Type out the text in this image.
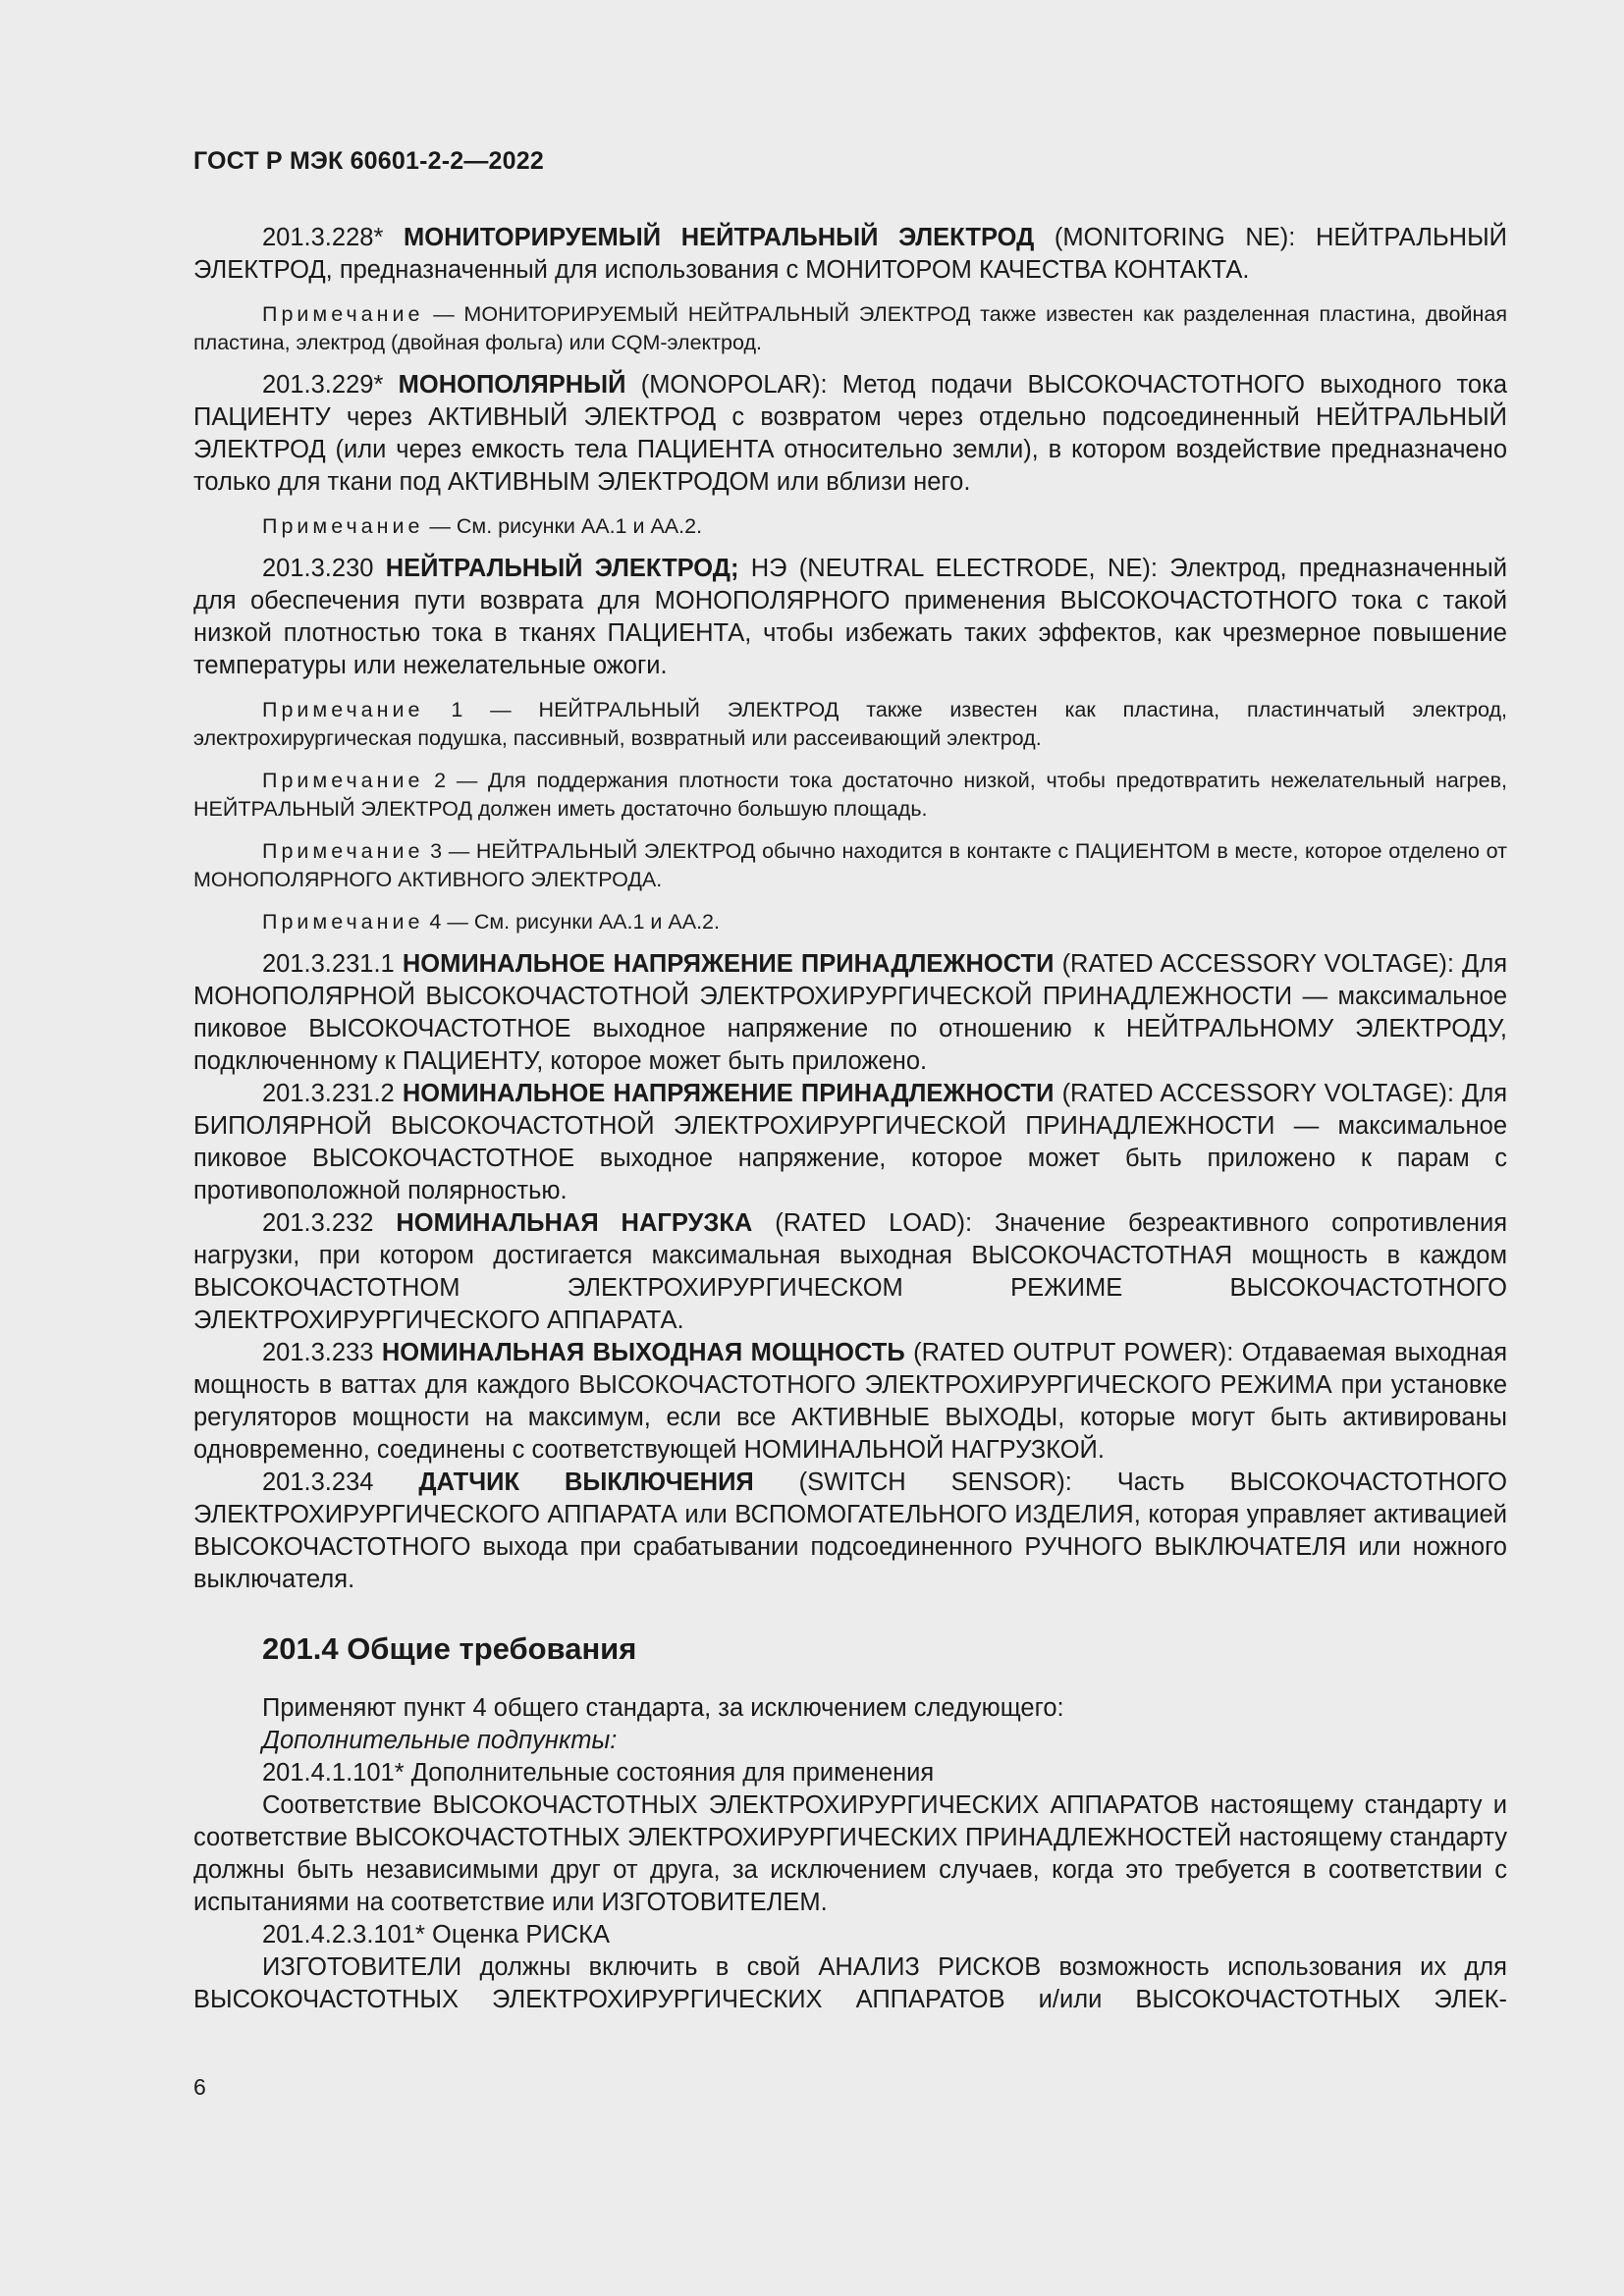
ГОСТ Р МЭК 60601-2-2—2022

201.3.228* МОНИТОРИРУЕМЫЙ НЕЙТРАЛЬНЫЙ ЭЛЕКТРОД (MONITORING NE): НЕЙТРАЛЬНЫЙ ЭЛЕКТРОД, предназначенный для использования с МОНИТОРОМ КАЧЕСТВА КОНТАКТА.

Примечание — МОНИТОРИРУЕМЫЙ НЕЙТРАЛЬНЫЙ ЭЛЕКТРОД также известен как разделенная пластина, двойная пластина, электрод (двойная фольга) или CQM-электрод.

201.3.229* МОНОПОЛЯРНЫЙ (MONOPOLAR): Метод подачи ВЫСОКОЧАСТОТНОГО выходного тока ПАЦИЕНТУ через АКТИВНЫЙ ЭЛЕКТРОД с возвратом через отдельно подсоединенный НЕЙТРАЛЬНЫЙ ЭЛЕКТРОД (или через емкость тела ПАЦИЕНТА относительно земли), в котором воздействие предназначено только для ткани под АКТИВНЫМ ЭЛЕКТРОДОМ или вблизи него.

Примечание — См. рисунки АА.1 и АА.2.

201.3.230 НЕЙТРАЛЬНЫЙ ЭЛЕКТРОД; НЭ (NEUTRAL ELECTRODE, NE): Электрод, предназначенный для обеспечения пути возврата для МОНОПОЛЯРНОГО применения ВЫСОКОЧАСТОТНОГО тока с такой низкой плотностью тока в тканях ПАЦИЕНТА, чтобы избежать таких эффектов, как чрезмерное повышение температуры или нежелательные ожоги.

Примечание 1 — НЕЙТРАЛЬНЫЙ ЭЛЕКТРОД также известен как пластина, пластинчатый электрод, электрохирургическая подушка, пассивный, возвратный или рассеивающий электрод.

Примечание 2 — Для поддержания плотности тока достаточно низкой, чтобы предотвратить нежелательный нагрев, НЕЙТРАЛЬНЫЙ ЭЛЕКТРОД должен иметь достаточно большую площадь.

Примечание 3 — НЕЙТРАЛЬНЫЙ ЭЛЕКТРОД обычно находится в контакте с ПАЦИЕНТОМ в месте, которое отделено от МОНОПОЛЯРНОГО АКТИВНОГО ЭЛЕКТРОДА.

Примечание 4 — См. рисунки АА.1 и АА.2.

201.3.231.1 НОМИНАЛЬНОЕ НАПРЯЖЕНИЕ ПРИНАДЛЕЖНОСТИ (RATED ACCESSORY VOLTAGE): Для МОНОПОЛЯРНОЙ ВЫСОКОЧАСТОТНОЙ ЭЛЕКТРОХИРУРГИЧЕСКОЙ ПРИНАДЛЕЖНОСТИ — максимальное пиковое ВЫСОКОЧАСТОТНОЕ выходное напряжение по отношению к НЕЙТРАЛЬНОМУ ЭЛЕКТРОДУ, подключенному к ПАЦИЕНТУ, которое может быть приложено.

201.3.231.2 НОМИНАЛЬНОЕ НАПРЯЖЕНИЕ ПРИНАДЛЕЖНОСТИ (RATED ACCESSORY VOLTAGE): Для БИПОЛЯРНОЙ ВЫСОКОЧАСТОТНОЙ ЭЛЕКТРОХИРУРГИЧЕСКОЙ ПРИНАДЛЕЖНОСТИ — максимальное пиковое ВЫСОКОЧАСТОТНОЕ выходное напряжение, которое может быть приложено к парам с противоположной полярностью.

201.3.232 НОМИНАЛЬНАЯ НАГРУЗКА (RATED LOAD): Значение безреактивного сопротивления нагрузки, при котором достигается максимальная выходная ВЫСОКОЧАСТОТНАЯ мощность в каждом ВЫСОКОЧАСТОТНОМ ЭЛЕКТРОХИРУРГИЧЕСКОМ РЕЖИМЕ ВЫСОКОЧАСТОТНОГО ЭЛЕКТРОХИРУРГИЧЕСКОГО АППАРАТА.

201.3.233 НОМИНАЛЬНАЯ ВЫХОДНАЯ МОЩНОСТЬ (RATED OUTPUT POWER): Отдаваемая выходная мощность в ваттах для каждого ВЫСОКОЧАСТОТНОГО ЭЛЕКТРОХИРУРГИЧЕСКОГО РЕЖИМА при установке регуляторов мощности на максимум, если все АКТИВНЫЕ ВЫХОДЫ, которые могут быть активированы одновременно, соединены с соответствующей НОМИНАЛЬНОЙ НАГРУЗКОЙ.

201.3.234 ДАТЧИК ВЫКЛЮЧЕНИЯ (SWITCH SENSOR): Часть ВЫСОКОЧАСТОТНОГО ЭЛЕКТРОХИРУРГИЧЕСКОГО АППАРАТА или ВСПОМОГАТЕЛЬНОГО ИЗДЕЛИЯ, которая управляет активацией ВЫСОКОЧАСТОТНОГО выхода при срабатывании подсоединенного РУЧНОГО ВЫКЛЮЧАТЕЛЯ или ножного выключателя.

201.4 Общие требования

Применяют пункт 4 общего стандарта, за исключением следующего:

Дополнительные подпункты:

201.4.1.101* Дополнительные состояния для применения

Соответствие ВЫСОКОЧАСТОТНЫХ ЭЛЕКТРОХИРУРГИЧЕСКИХ АППАРАТОВ настоящему стандарту и соответствие ВЫСОКОЧАСТОТНЫХ ЭЛЕКТРОХИРУРГИЧЕСКИХ ПРИНАДЛЕЖНОСТЕЙ настоящему стандарту должны быть независимыми друг от друга, за исключением случаев, когда это требуется в соответствии с испытаниями на соответствие или ИЗГОТОВИТЕЛЕМ.

201.4.2.3.101* Оценка РИСКА

ИЗГОТОВИТЕЛИ должны включить в свой АНАЛИЗ РИСКОВ возможность использования их для ВЫСОКОЧАСТОТНЫХ ЭЛЕКТРОХИРУРГИЧЕСКИХ АППАРАТОВ и/или ВЫСОКОЧАСТОТНЫХ ЭЛЕК-

6
